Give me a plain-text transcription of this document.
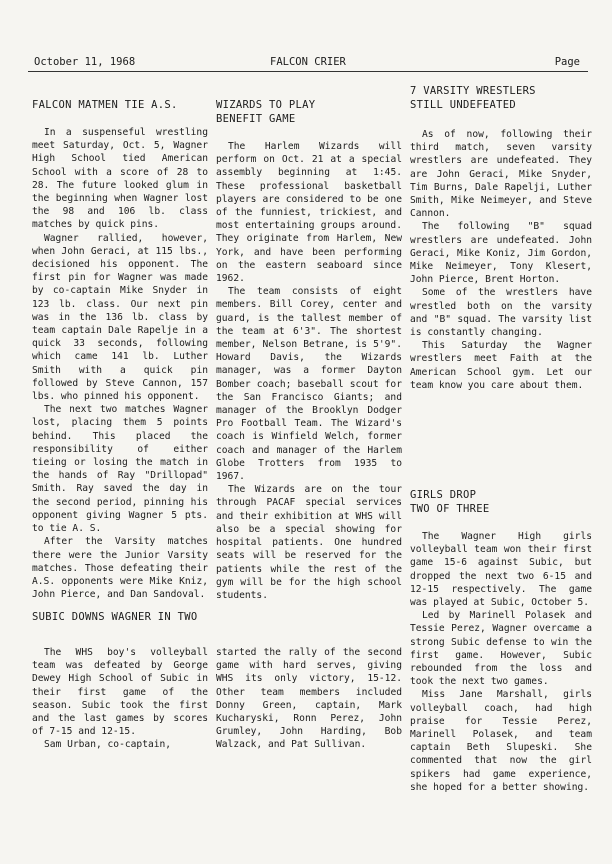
October 11, 1968	FALCON CRIER	Page

FALCON MATMEN TIE A.S.

In a suspenseful wrestling meet Saturday, Oct. 5, Wagner High School tied American School with a score of 28 to 28. The future looked glum in the beginning when Wagner lost the 98 and 106 lb. class matches by quick pins.

Wagner rallied, however, when John Geraci, at 115 lbs., decisioned his opponent. The first pin for Wagner was made by co-captain Mike Snyder in 123 lb. class. Our next pin was in the 136 lb. class by team captain Dale Rapelje in a quick 33 seconds, following which came 141 lb. Luther Smith with a quick pin followed by Steve Cannon, 157 lbs. who pinned his opponent.

The next two matches Wagner lost, placing them 5 points behind. This placed the responsibility of either tieing or losing the match in the hands of Ray "Drillopad" Smith. Ray saved the day in the second period, pinning his opponent giving Wagner 5 pts. to tie A. S.

After the Varsity matches there were the Junior Varsity matches. Those defeating their A.S. opponents were Mike Kniz, John Pierce, and Dan Sandoval.

WIZARDS TO PLAY

BENEFIT GAME

The Harlem Wizards will perform on Oct. 21 at a special assembly beginning at 1:45. These professional basketball players are considered to be one of the funniest, trickiest, and most entertaining groups around. They originate from Harlem, New York, and have been performing on the eastern seaboard since 1962.

The team consists of eight members. Bill Corey, center and guard, is the tallest member of the team at 6'3". The shortest member, Nelson Betrane, is 5'9". Howard Davis, the Wizards manager, was a former Dayton Bomber coach; baseball scout for the San Francisco Giants; and manager of the Brooklyn Dodger Pro Football Team. The Wizard's coach is Winfield Welch, former coach and manager of the Harlem Globe Trotters from 1935 to 1967.

The Wizards are on the tour through PACAF special services and their exhibition at WHS will also be a special showing for hospital patients. One hundred seats will be reserved for the patients while the rest of the gym will be for the high school students.

7 VARSITY WRESTLERS

STILL UNDEFEATED

As of now, following their third match, seven varsity wrestlers are undefeated. They are John Geraci, Mike Snyder, Tim Burns, Dale Rapelji, Luther Smith, Mike Neimeyer, and Steve Cannon.

The following "B" squad wrestlers are undefeated. John Geraci, Mike Koniz, Jim Gordon, Mike Neimeyer, Tony Klesert, John Pierce, Brent Horton.

Some of the wrestlers have wrestled both on the varsity and "B" squad. The varsity list is constantly changing.

This Saturday the Wagner wrestlers meet Faith at the American School gym. Let our team know you care about them.

GIRLS DROP

TWO OF THREE

The Wagner High girls volleyball team won their first game 15-6 against Subic, but dropped the next two 6-15 and 12-15 respectively. The game was played at Subic, October 5.

Led by Marinell Polasek and Tessie Perez, Wagner overcame a strong Subic defense to win the first game. However, Subic rebounded from the loss and took the next two games.

Miss Jane Marshall, girls volleyball coach, had high praise for Tessie Perez, Marinell Polasek, and team captain Beth Slupeski. She commented that now the girl spikers had game experience, she hoped for a better showing.

SUBIC DOWNS WAGNER IN TWO

The WHS boy's volleyball team was defeated by George Dewey High School of Subic in their first game of the season. Subic took the first and the last games by scores of 7-15 and 12-15.

Sam Urban, co-captain,

started the rally of the second game with hard serves, giving WHS its only victory, 15-12. Other team members included Donny Green, captain, Mark Kucharyski, Ronn Perez, John Grumley, John Harding, Bob Walzack, and Pat Sullivan.
